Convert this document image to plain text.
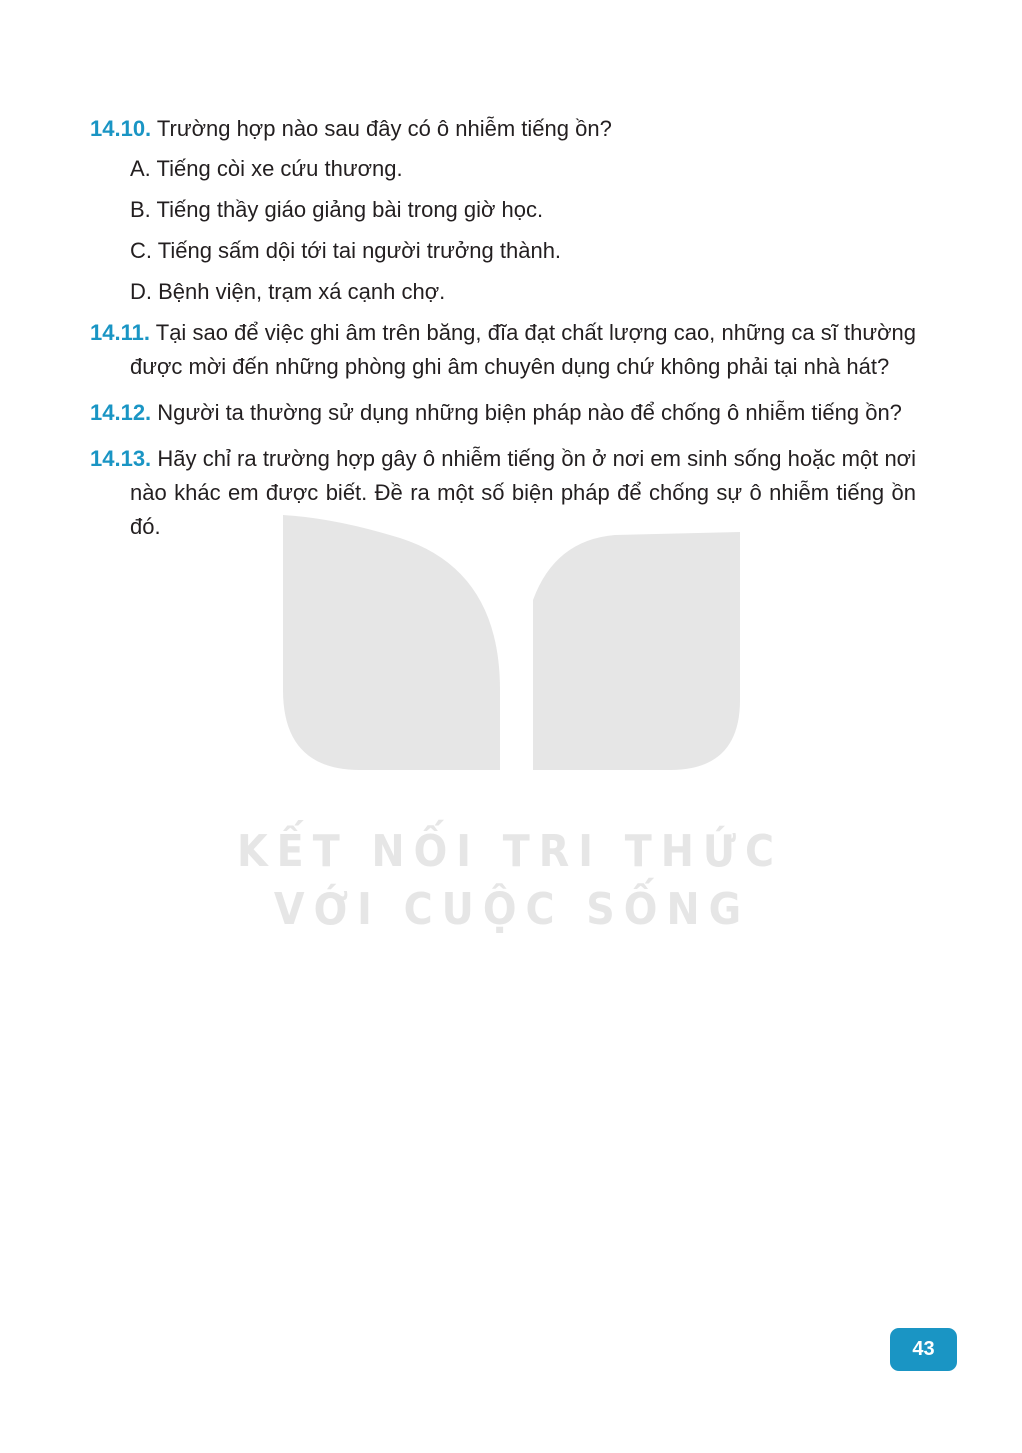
KẾT NỐI TRI THỨC
VỚI CUỘC SỐNG
14.10. Trường hợp nào sau đây có ô nhiễm tiếng ồn?
A. Tiếng còi xe cứu thương.
B. Tiếng thầy giáo giảng bài trong giờ học.
C. Tiếng sấm dội tới tai người trưởng thành.
D. Bệnh viện, trạm xá cạnh chợ.
14.11. Tại sao để việc ghi âm trên băng, đĩa đạt chất lượng cao, những ca sĩ thường được mời đến những phòng ghi âm chuyên dụng chứ không phải tại nhà hát?
14.12. Người ta thường sử dụng những biện pháp nào để chống ô nhiễm tiếng ồn?
14.13. Hãy chỉ ra trường hợp gây ô nhiễm tiếng ồn ở nơi em sinh sống hoặc một nơi nào khác em được biết. Đề ra một số biện pháp để chống sự ô nhiễm tiếng ồn đó.
43
